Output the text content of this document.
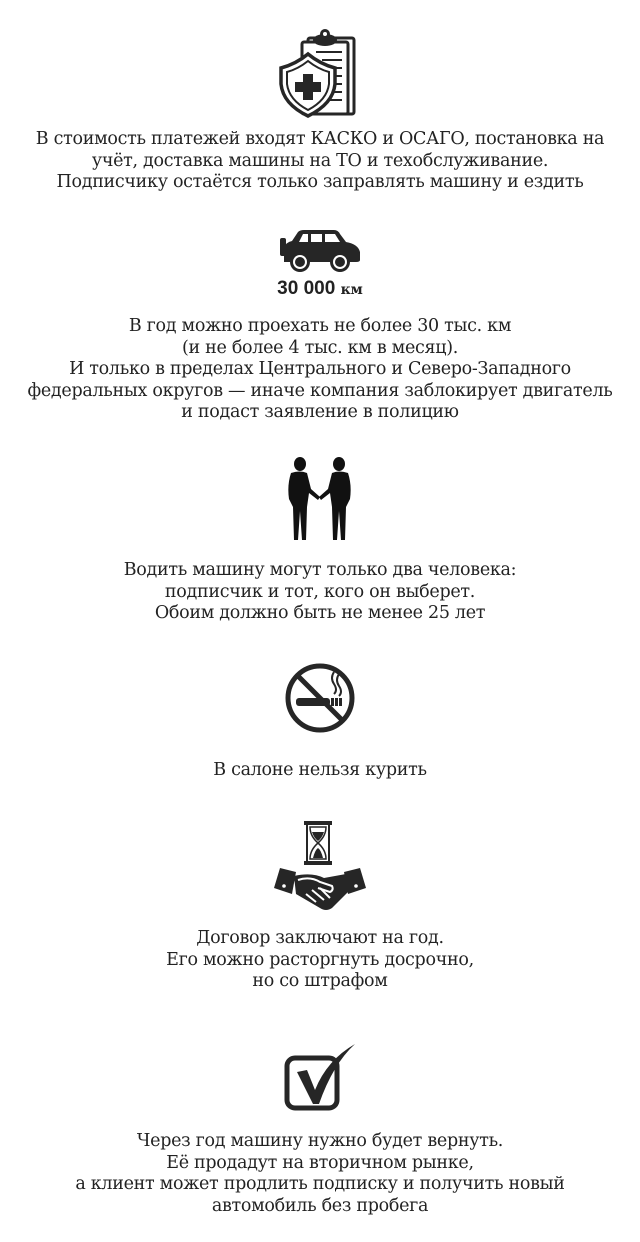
В стоимость платежей входят КАСКО и ОСАГО, постановка на
учёт, доставка машины на ТО и техобслуживание.
Подписчику остаётся только заправлять машину и ездить
30 000 км
В год можно проехать не более 30 тыс. км
(и не более 4 тыс. км в месяц).
И только в пределах Центрального и Северо-Западного
федеральных округов — иначе компания заблокирует двигатель
и подаст заявление в полицию
Водить машину могут только два человека:
подписчик и тот, кого он выберет.
Обоим должно быть не менее 25 лет
В салоне нельзя курить
Договор заключают на год.
Его можно расторгнуть досрочно,
но со штрафом
Через год машину нужно будет вернуть.
Её продадут на вторичном рынке,
а клиент может продлить подписку и получить новый
автомобиль без пробега
